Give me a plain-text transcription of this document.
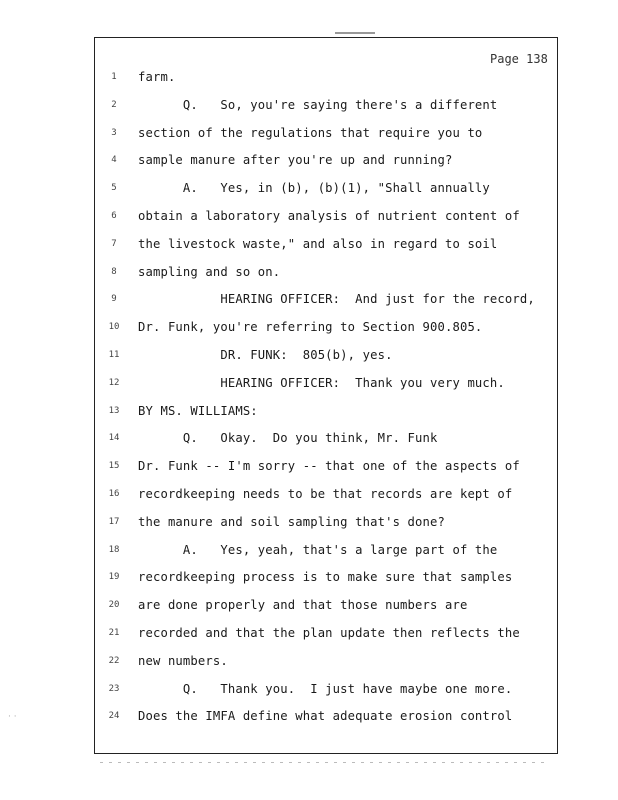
Page 138
1	farm.
2	Q.   So, you're saying there's a different
3	section of the regulations that require you to
4	sample manure after you're up and running?
5	A.   Yes, in (b), (b)(1), "Shall annually
6	obtain a laboratory analysis of nutrient content of
7	the livestock waste," and also in regard to soil
8	sampling and so on.
9	HEARING OFFICER:  And just for the record,
10	Dr. Funk, you're referring to Section 900.805.
11	DR. FUNK:  805(b), yes.
12	HEARING OFFICER:  Thank you very much.
13	BY MS. WILLIAMS:
14	Q.   Okay.  Do you think, Mr. Funk
15	Dr. Funk -- I'm sorry -- that one of the aspects of
16	recordkeeping needs to be that records are kept of
17	the manure and soil sampling that's done?
18	A.   Yes, yeah, that's a large part of the
19	recordkeeping process is to make sure that samples
20	are done properly and that those numbers are
21	recorded and that the plan update then reflects the
22	new numbers.
23	Q.   Thank you.  I just have maybe one more.
24	Does the IMFA define what adequate erosion control
· ·
